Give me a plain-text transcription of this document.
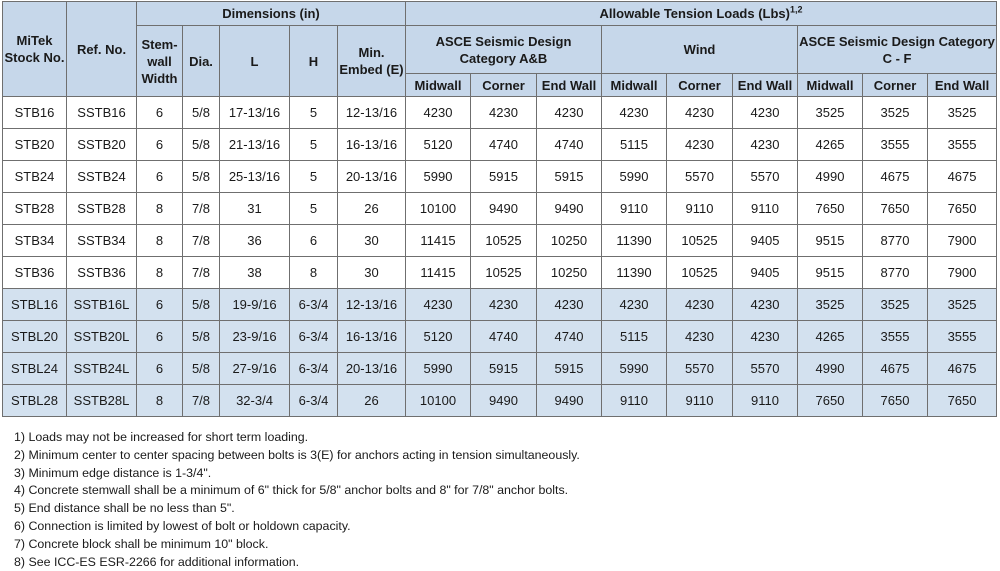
MiTek Stock No.	Ref. No.	Dimensions (in)					Allowable Tension Loads (Lbs)$^{1,2}$
		Stem-wall Width	Dia.	L	H	Min. Embed (E)	ASCE Seismic Design Category A&B			Wind			ASCE Seismic Design Category C - F		
							Midwall	Corner	End Wall	Midwall	Corner	End Wall	Midwall	Corner	End Wall
STB16	SSTB16	6	5/8	17-13/16	5	12-13/16	4230	4230	4230	4230	4230	4230	3525	3525	3525
STB20	SSTB20	6	5/8	21-13/16	5	16-13/16	5120	4740	4740	5115	4230	4230	4265	3555	3555
STB24	SSTB24	6	5/8	25-13/16	5	20-13/16	5990	5915	5915	5990	5570	5570	4990	4675	4675
STB28	SSTB28	8	7/8	31	5	26	10100	9490	9490	9110	9110	9110	7650	7650	7650
STB34	SSTB34	8	7/8	36	6	30	11415	10525	10250	11390	10525	9405	9515	8770	7900
STB36	SSTB36	8	7/8	38	8	30	11415	10525	10250	11390	10525	9405	9515	8770	7900
STBL16	SSTB16L	6	5/8	19-9/16	6-3/4	12-13/16	4230	4230	4230	4230	4230	4230	3525	3525	3525
STBL20	SSTB20L	6	5/8	23-9/16	6-3/4	16-13/16	5120	4740	4740	5115	4230	4230	4265	3555	3555
STBL24	SSTB24L	6	5/8	27-9/16	6-3/4	20-13/16	5990	5915	5915	5990	5570	5570	4990	4675	4675
STBL28	SSTB28L	8	7/8	32-3/4	6-3/4	26	10100	9490	9490	9110	9110	9110	7650	7650	7650
1) Loads may not be increased for short term loading.
2) Minimum center to center spacing between bolts is 3(E) for anchors acting in tension simultaneously.
3) Minimum edge distance is 1-3/4".
4) Concrete stemwall shall be a minimum of 6" thick for 5/8" anchor bolts and 8" for 7/8" anchor bolts.
5) End distance shall be no less than 5".
6) Connection is limited by lowest of bolt or holdown capacity.
7) Concrete block shall be minimum 10" block.
8) See ICC-ES ESR-2266 for additional information.
